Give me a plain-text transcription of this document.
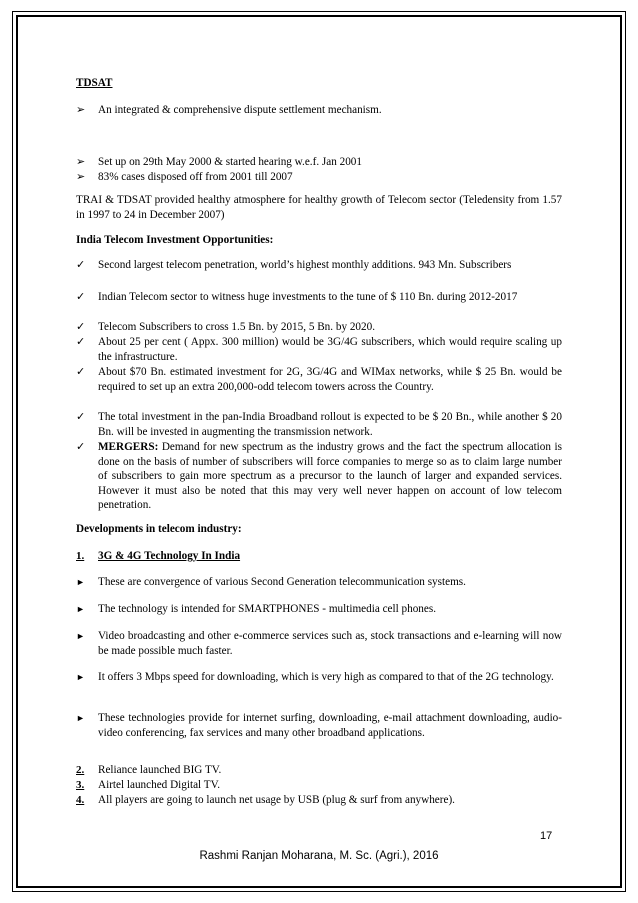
TDSAT
➢	An integrated & comprehensive dispute settlement mechanism.
➢	Set up on 29th May 2000 & started hearing w.e.f. Jan 2001
➢	83% cases disposed off from 2001 till 2007
TRAI & TDSAT provided healthy atmosphere for healthy growth of Telecom sector (Teledensity from 1.57 in 1997 to 24 in December 2007)
India Telecom Investment Opportunities:
✓	Second largest telecom penetration, world’s highest monthly additions. 943 Mn. Subscribers
✓	Indian Telecom sector to witness huge investments to the tune of $ 110 Bn. during 2012-2017
✓	Telecom Subscribers to cross 1.5 Bn. by 2015, 5 Bn. by 2020.
✓	About 25 per cent ( Appx. 300 million) would be 3G/4G subscribers, which would require scaling up the infrastructure.
✓	About $70 Bn. estimated investment for 2G, 3G/4G and WIMax networks, while $ 25 Bn. would be required to set up an extra 200,000-odd telecom towers across the Country.
✓	The total investment in the pan-India Broadband rollout is expected to be $ 20 Bn., while another $ 20 Bn. will be invested in augmenting the transmission network.
✓	MERGERS: Demand for new spectrum as the industry grows and the fact the spectrum allocation is done on the basis of number of subscribers will force companies to merge so as to claim large number of subscribers to gain more spectrum as a precursor to the launch of larger and expanded services. However it must also be noted that this may very well never happen on account of low telecom penetration.
Developments in telecom industry:
1.	3G & 4G Technology In India
►	These are convergence of various Second Generation telecommunication systems.
►	The technology is intended for SMARTPHONES - multimedia cell phones.
►	Video broadcasting and other e-commerce services such as, stock transactions and e-learning will now be made possible much faster.
►	It offers 3 Mbps speed for downloading, which is very high as compared to that of the 2G technology.
►	These technologies provide for internet surfing, downloading, e-mail attachment downloading, audio-video conferencing, fax services and many other broadband applications.
2.	Reliance launched BIG TV.
3.	Airtel launched Digital TV.
4.	All players are going to launch net usage by USB (plug & surf from anywhere).
17
Rashmi Ranjan Moharana, M. Sc. (Agri.), 2016
